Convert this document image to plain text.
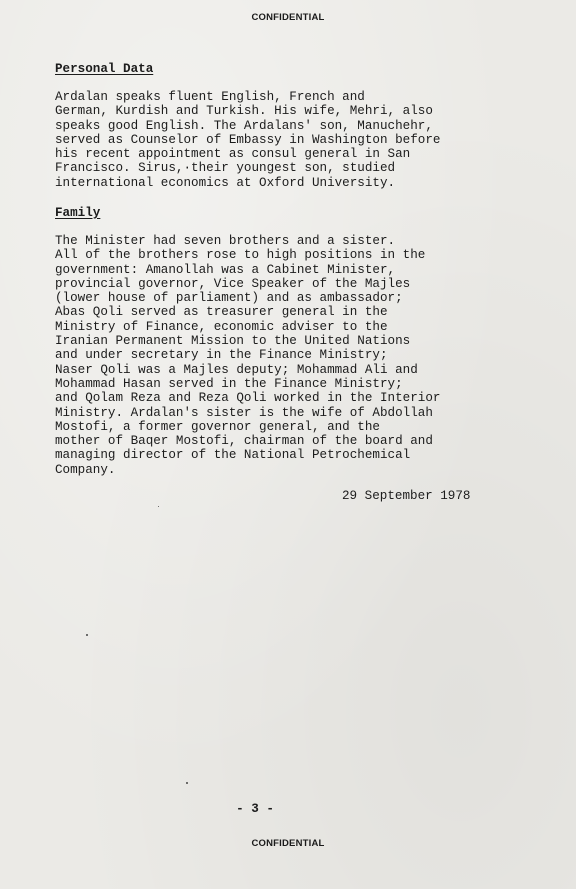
CONFIDENTIAL
Personal Data

Ardalan speaks fluent English, French and
German, Kurdish and Turkish. His wife, Mehri, also
speaks good English. The Ardalans' son, Manuchehr,
served as Counselor of Embassy in Washington before
his recent appointment as consul general in San
Francisco. Sirus,·their youngest son, studied
international economics at Oxford University.

Family

The Minister had seven brothers and a sister.
All of the brothers rose to high positions in the
government: Amanollah was a Cabinet Minister,
provincial governor, Vice Speaker of the Majles
(lower house of parliament) and as ambassador;
Abas Qoli served as treasurer general in the
Ministry of Finance, economic adviser to the
Iranian Permanent Mission to the United Nations
and under secretary in the Finance Ministry;
Naser Qoli was a Majles deputy; Mohammad Ali and
Mohammad Hasan served in the Finance Ministry;
and Qolam Reza and Reza Qoli worked in the Interior
Ministry. Ardalan's sister is the wife of Abdollah
Mostofi, a former governor general, and the
mother of Baqer Mostofi, chairman of the board and
managing director of the National Petrochemical
Company.

29 September 1978
- 3 -
CONFIDENTIAL
